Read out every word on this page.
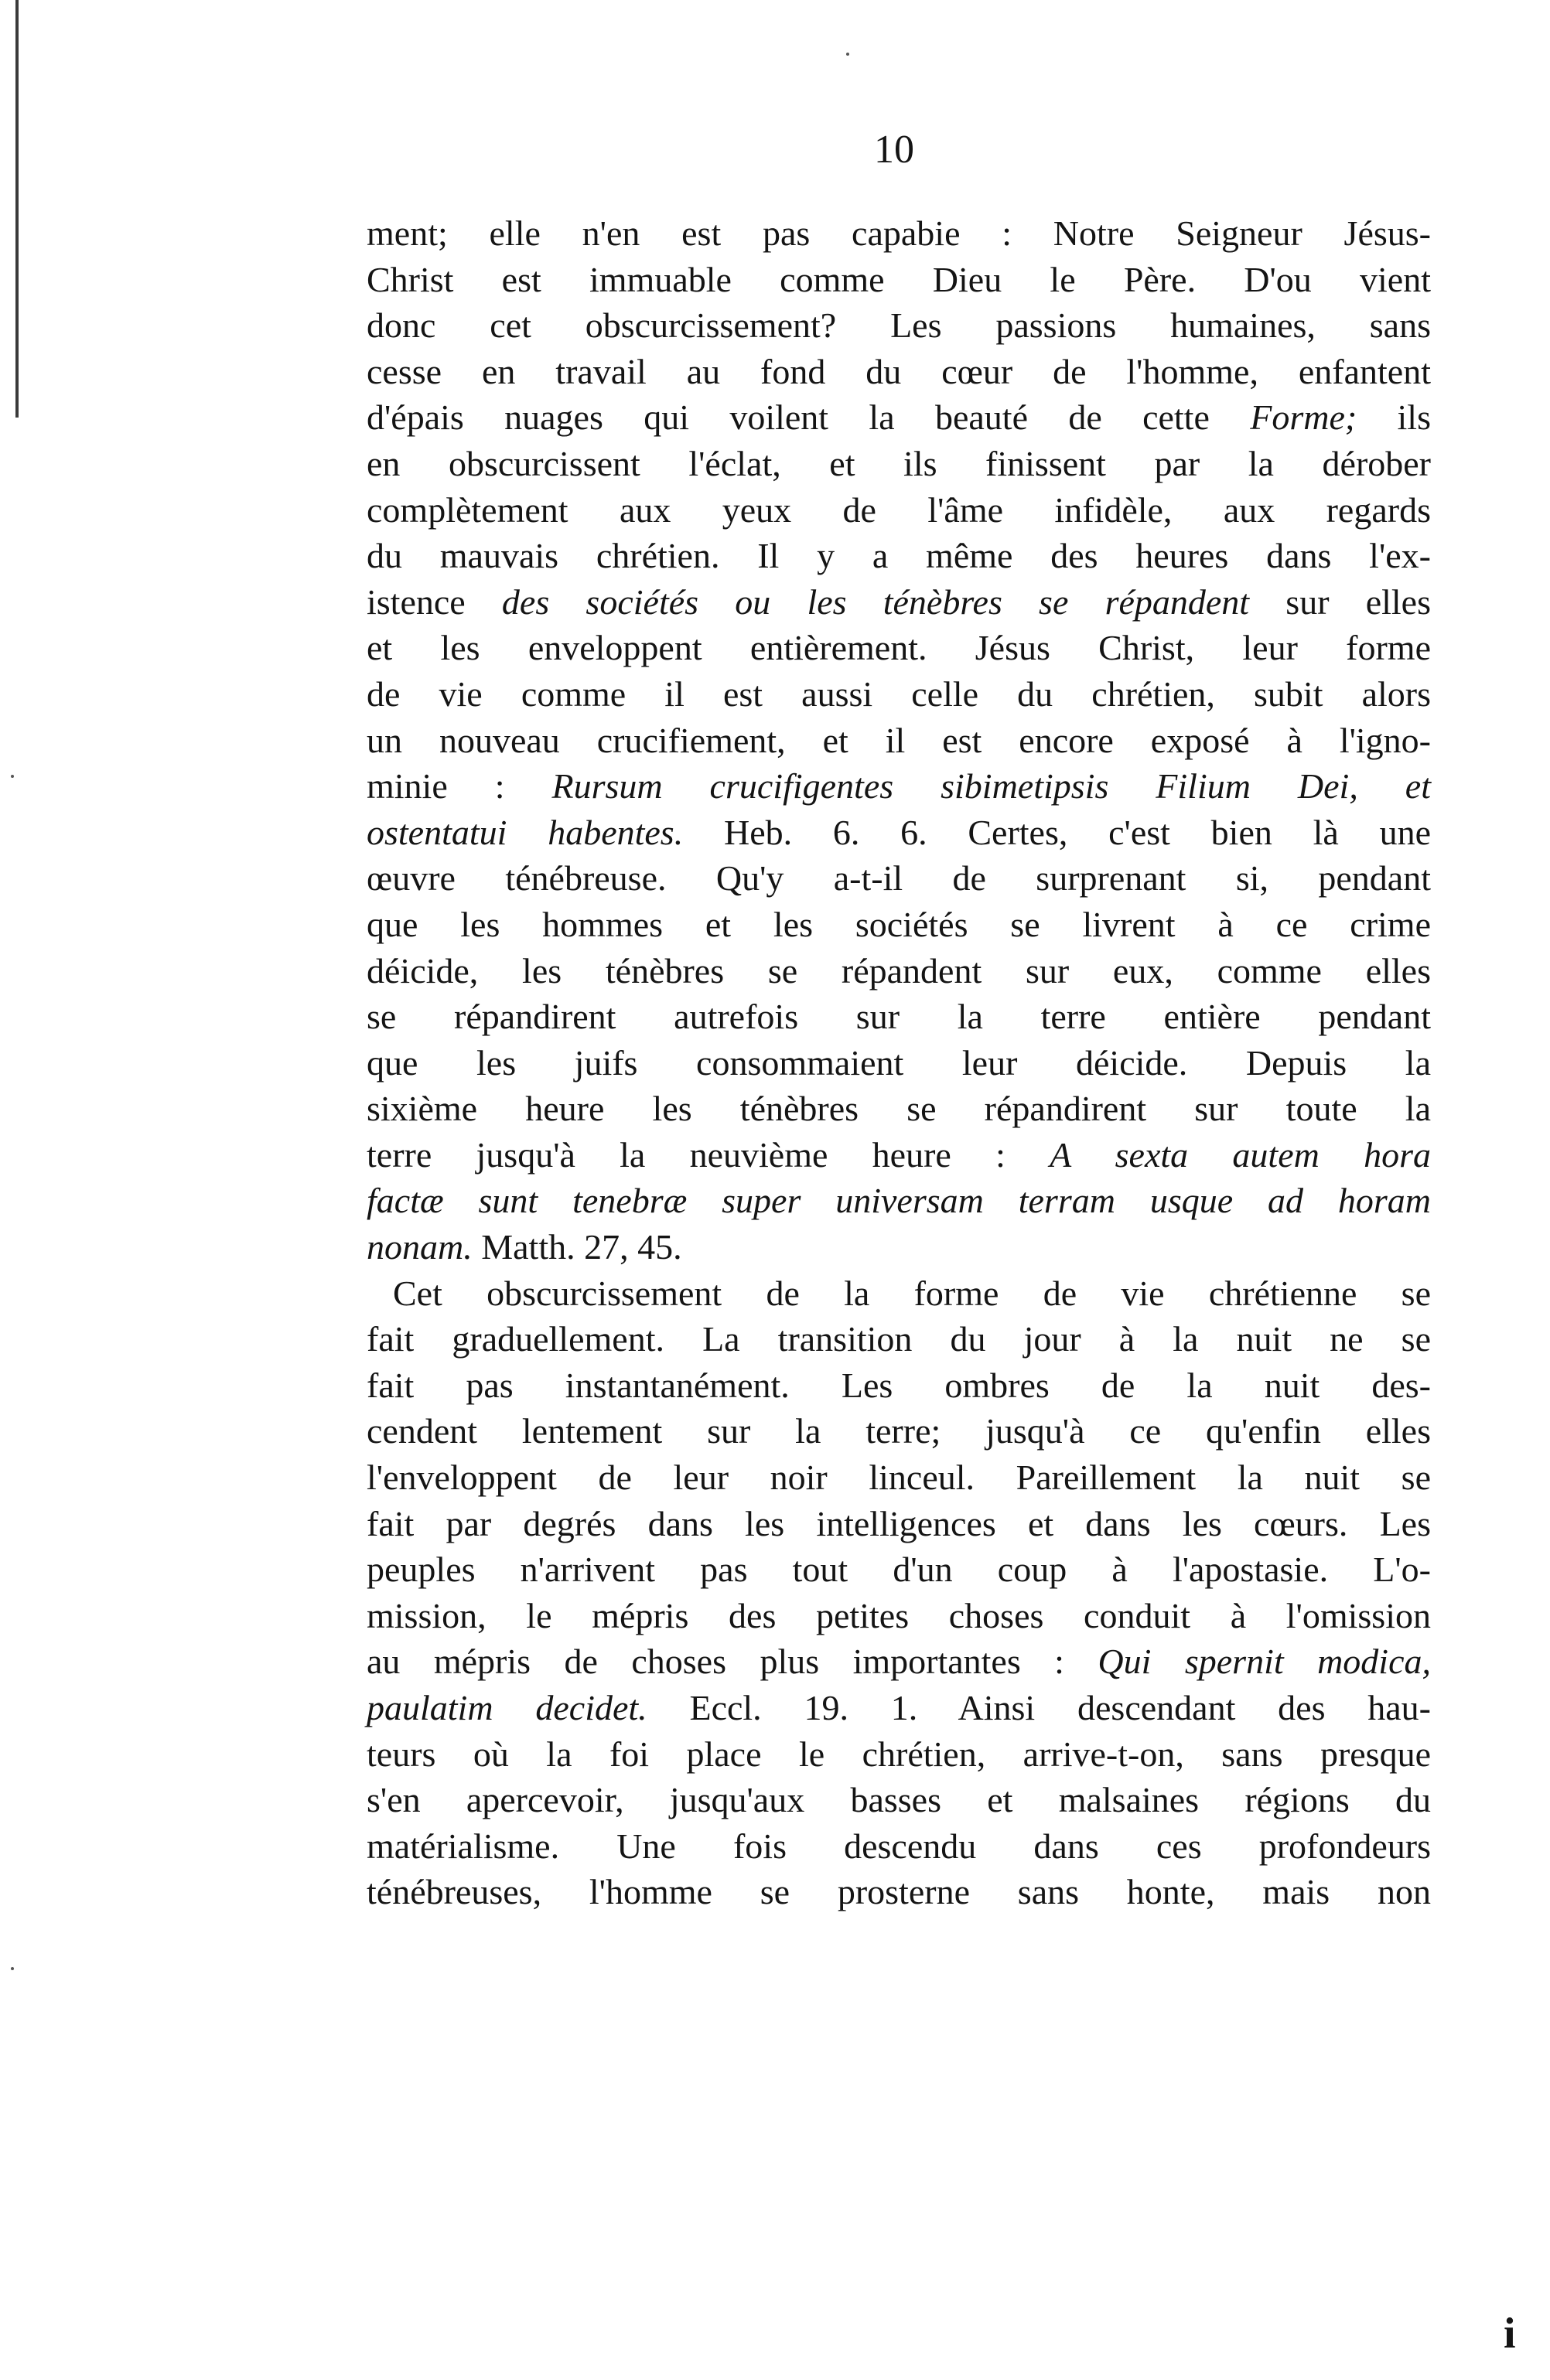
10
ment; elle n'en est pas capabie : Notre Seigneur Jésus-
Christ est immuable comme Dieu le Père. D'ou vient
donc cet obscurcissement? Les passions humaines, sans
cesse en travail au fond du cœur de l'homme, enfantent
d'épais nuages qui voilent la beauté de cette Forme; ils
en obscurcissent l'éclat, et ils finissent par la dérober
complètement aux yeux de l'âme infidèle, aux regards
du mauvais chrétien. Il y a même des heures dans l'ex-
istence des sociétés ou les ténèbres se répandent sur elles
et les enveloppent entièrement. Jésus Christ, leur forme
de vie comme il est aussi celle du chrétien, subit alors
un nouveau crucifiement, et il est encore exposé à l'igno-
minie : Rursum crucifigentes sibimetipsis Filium Dei, et
ostentatui habentes. Heb. 6. 6. Certes, c'est bien là une
œuvre ténébreuse. Qu'y a-t-il de surprenant si, pendant
que les hommes et les sociétés se livrent à ce crime
déicide, les ténèbres se répandent sur eux, comme elles
se répandirent autrefois sur la terre entière pendant
que les juifs consommaient leur déicide. Depuis la
sixième heure les ténèbres se répandirent sur toute la
terre jusqu'à la neuvième heure : A sexta autem hora
factæ sunt tenebræ super universam terram usque ad horam
nonam. Matth. 27, 45.
Cet obscurcissement de la forme de vie chrétienne se
fait graduellement. La transition du jour à la nuit ne se
fait pas instantanément. Les ombres de la nuit des-
cendent lentement sur la terre; jusqu'à ce qu'enfin elles
l'enveloppent de leur noir linceul. Pareillement la nuit se
fait par degrés dans les intelligences et dans les cœurs. Les
peuples n'arrivent pas tout d'un coup à l'apostasie. L'o-
mission, le mépris des petites choses conduit à l'omission
au mépris de choses plus importantes : Qui spernit modica,
paulatim decidet. Eccl. 19. 1. Ainsi descendant des hau-
teurs où la foi place le chrétien, arrive-t-on, sans presque
s'en apercevoir, jusqu'aux basses et malsaines régions du
matérialisme. Une fois descendu dans ces profondeurs
ténébreuses, l'homme se prosterne sans honte, mais non
i
